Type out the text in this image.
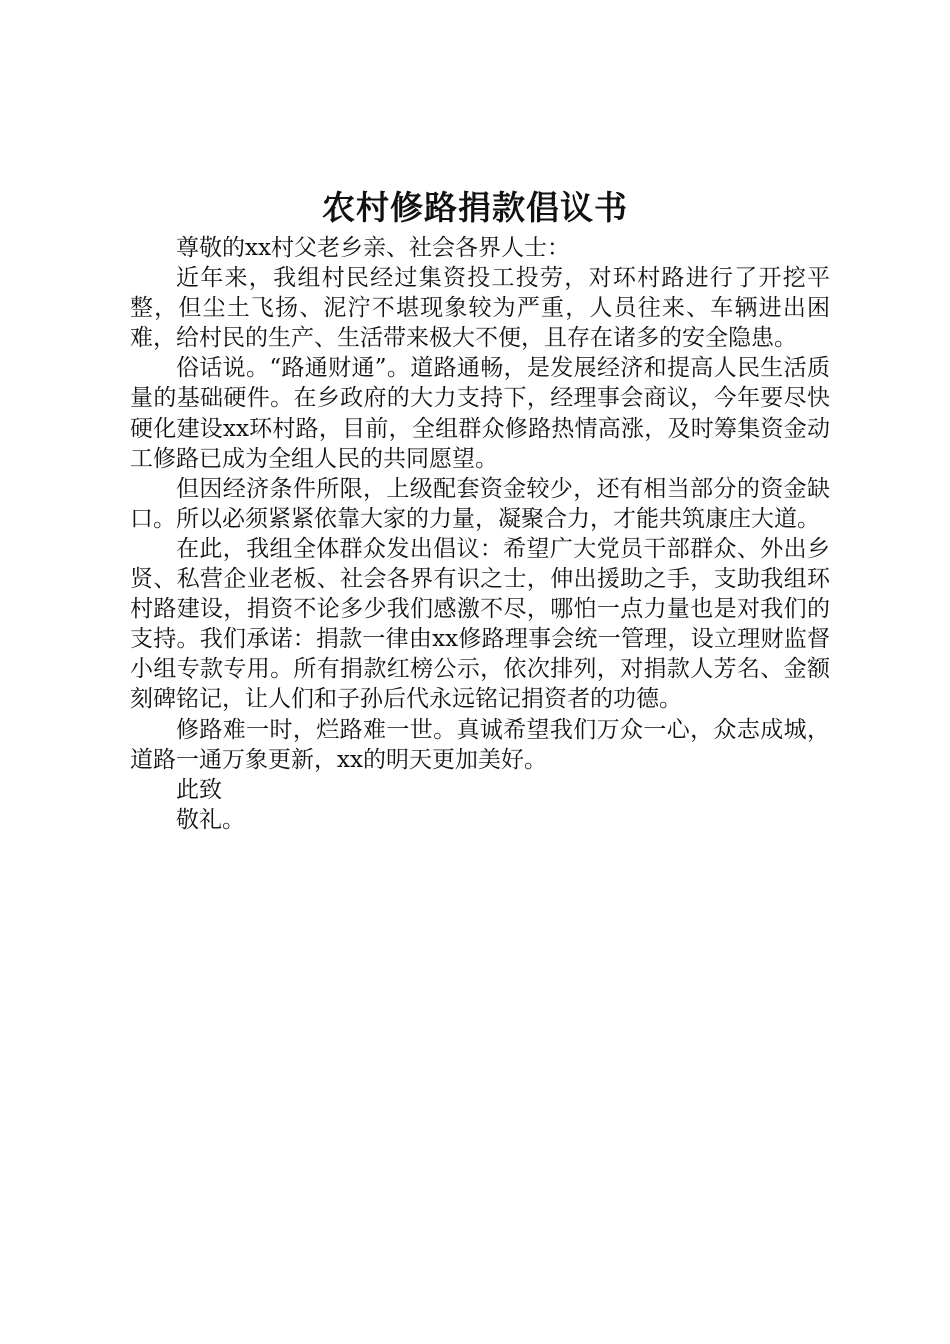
农村修路捐款倡议书

尊敬的xx村父老乡亲、社会各界人士：

近年来，我组村民经过集资投工投劳，对环村路进行了开挖平整，但尘土飞扬、泥泞不堪现象较为严重，人员往来、车辆进出困难，给村民的生产、生活带来极大不便，且存在诸多的安全隐患。

俗话说。“路通财通”。道路通畅，是发展经济和提高人民生活质量的基础硬件。在乡政府的大力支持下，经理事会商议，今年要尽快硬化建设xx环村路，目前，全组群众修路热情高涨，及时筹集资金动工修路已成为全组人民的共同愿望。

但因经济条件所限，上级配套资金较少，还有相当部分的资金缺口。所以必须紧紧依靠大家的力量，凝聚合力，才能共筑康庄大道。

在此，我组全体群众发出倡议：希望广大党员干部群众、外出乡贤、私营企业老板、社会各界有识之士，伸出援助之手，支助我组环村路建设，捐资不论多少我们感激不尽，哪怕一点力量也是对我们的支持。我们承诺：捐款一律由xx修路理事会统一管理，设立理财监督小组专款专用。所有捐款红榜公示，依次排列，对捐款人芳名、金额刻碑铭记，让人们和子孙后代永远铭记捐资者的功德。

修路难一时，烂路难一世。真诚希望我们万众一心，众志成城，道路一通万象更新，xx的明天更加美好。

此致

敬礼。
